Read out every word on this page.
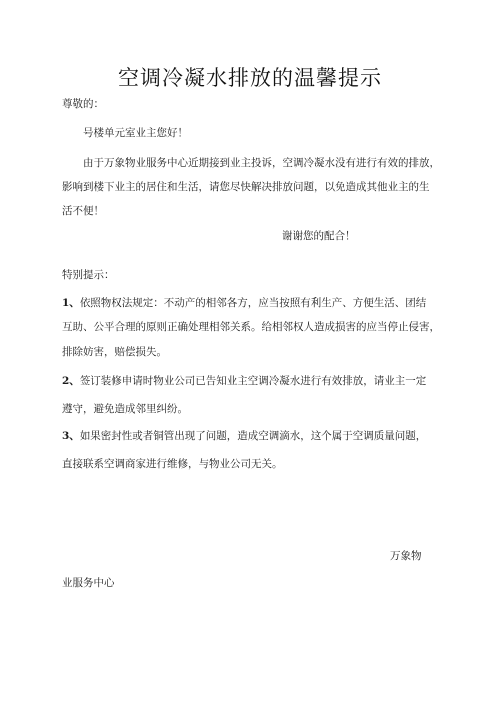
空调冷凝水排放的温馨提示
尊敬的：
号楼单元室业主您好！
由于万象物业服务中心近期接到业主投诉，空调冷凝水没有进行有效的排放，
影响到楼下业主的居住和生活，请您尽快解决排放问题，以免造成其他业主的生
活不便！
谢谢您的配合！
特别提示：
1、依照物权法规定：不动产的相邻各方，应当按照有利生产、方便生活、团结
互助、公平合理的原则正确处理相邻关系。给相邻权人造成损害的应当停止侵害，
排除妨害，赔偿损失。
2、签订装修申请时物业公司已告知业主空调冷凝水进行有效排放，请业主一定
遵守，避免造成邻里纠纷。
3、如果密封性或者铜管出现了问题，造成空调滴水，这个属于空调质量问题，
直接联系空调商家进行维修，与物业公司无关。
万象物
业服务中心
